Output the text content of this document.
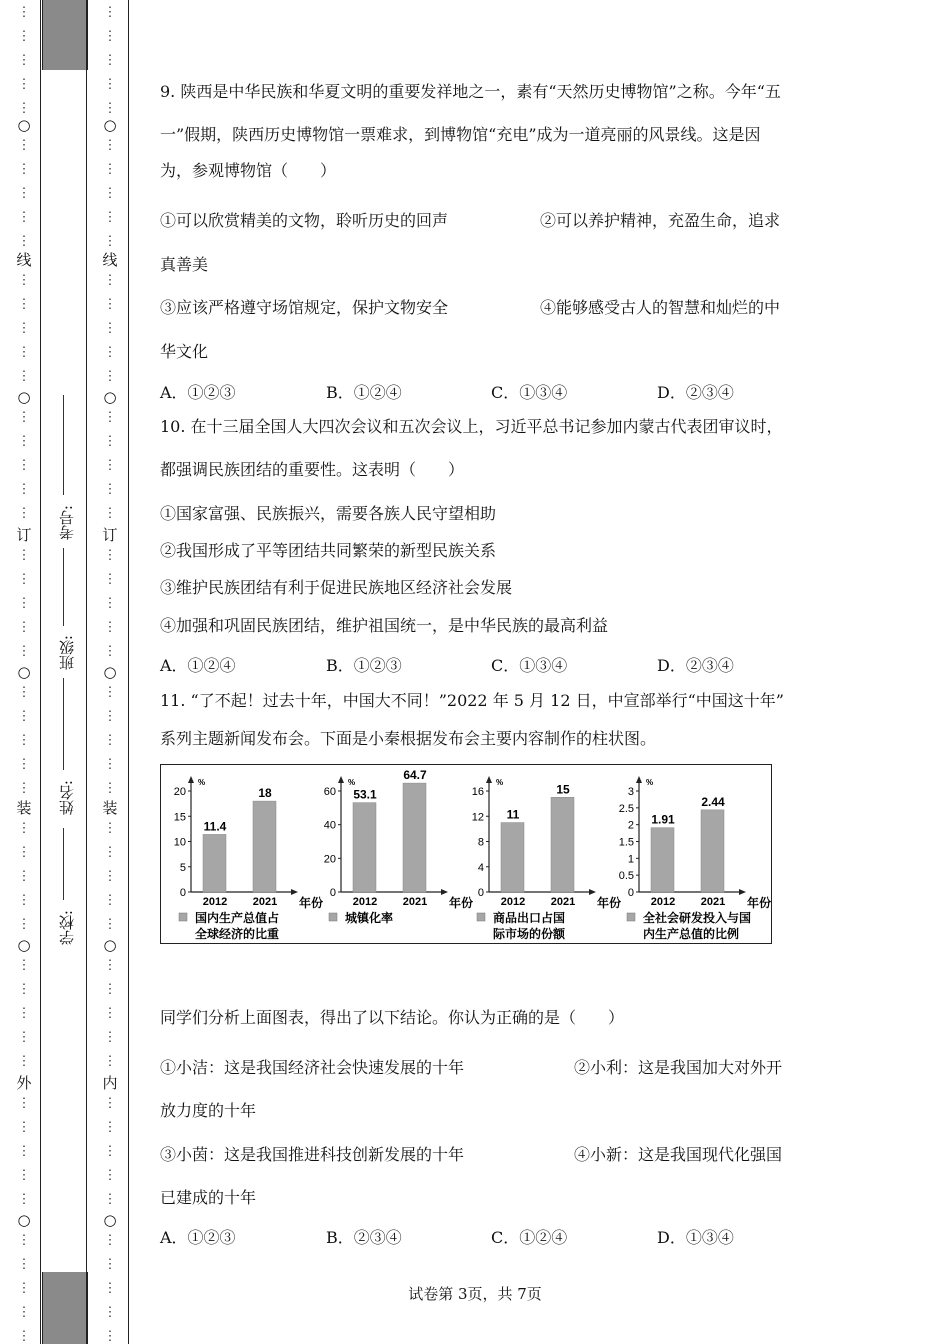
⋮
⋮
⋮
⋮
⋮
○
⋮
⋮
⋮
⋮
⋮
线
⋮
⋮
⋮
⋮
⋮
○
⋮
⋮
⋮
⋮
⋮
订
⋮
⋮
⋮
⋮
⋮
○
⋮
⋮
⋮
⋮
⋮
装
⋮
⋮
⋮
⋮
⋮
○
⋮
⋮
⋮
⋮
⋮
外
⋮
⋮
⋮
⋮
⋮
○
⋮
⋮
⋮
⋮
⋮
⋮
⋮
⋮
⋮
⋮
○
⋮
⋮
⋮
⋮
⋮
线
⋮
⋮
⋮
⋮
⋮
○
⋮
⋮
⋮
⋮
⋮
订
⋮
⋮
⋮
⋮
⋮
○
⋮
⋮
⋮
⋮
⋮
装
⋮
⋮
⋮
⋮
⋮
○
⋮
⋮
⋮
⋮
⋮
内
⋮
⋮
⋮
⋮
⋮
○
⋮
⋮
⋮
⋮
⋮
考号:
班级:
姓名:
学校:
9. 陕西是中华民族和华夏文明的重要发祥地之一，素有“天然历史博物馆”之称。今年“五
一”假期，陕西历史博物馆一票难求，到博物馆“充电”成为一道亮丽的风景线。这是因
为，参观博物馆（　　）
①可以欣赏精美的文物，聆听历史的回声	②可以养护精神，充盈生命，追求
真善美
③应该严格遵守场馆规定，保护文物安全	④能够感受古人的智慧和灿烂的中
华文化
A．①②③	B．①②④	C．①③④	D．②③④
10. 在十三届全国人大四次会议和五次会议上，习近平总书记参加内蒙古代表团审议时，
都强调民族团结的重要性。这表明（　　）
①国家富强、民族振兴，需要各族人民守望相助
②我国形成了平等团结共同繁荣的新型民族关系
③维护民族团结有利于促进民族地区经济社会发展
④加强和巩固民族团结，维护祖国统一，是中华民族的最高利益
A．①②④	B．①②③	C．①③④	D．②③④
11. “了不起！过去十年，中国大不同！”2022 年 5 月 12 日，中宣部举行“中国这十年”
系列主题新闻发布会。下面是小秦根据发布会主要内容制作的柱状图。
同学们分析上面图表，得出了以下结论。你认为正确的是（　　）
①小洁：这是我国经济社会快速发展的十年	②小利：这是我国加大对外开
放力度的十年
③小茵：这是我国推进科技创新发展的十年	④小新：这是我国现代化强国
已建成的十年
A．①②③	B．②③④	C．①②④	D．①③④
%
0
5
10
15
20
11.4
2012
18
2021 年份
国内生产总值占
全球经济的比重
%
0
20
40
60 53.1
2012
64.7
2021 年份
城镇化率
%
0
4
8
12
16
11
2012
15
2021 年份
商品出口占国
际市场的份额
%
0
0.5
1
1.5
2
2.5
3
1.91
2012
2.44
2021 年份
全社会研发投入与国
内生产总值的比例
试卷第 3页，共 7页
